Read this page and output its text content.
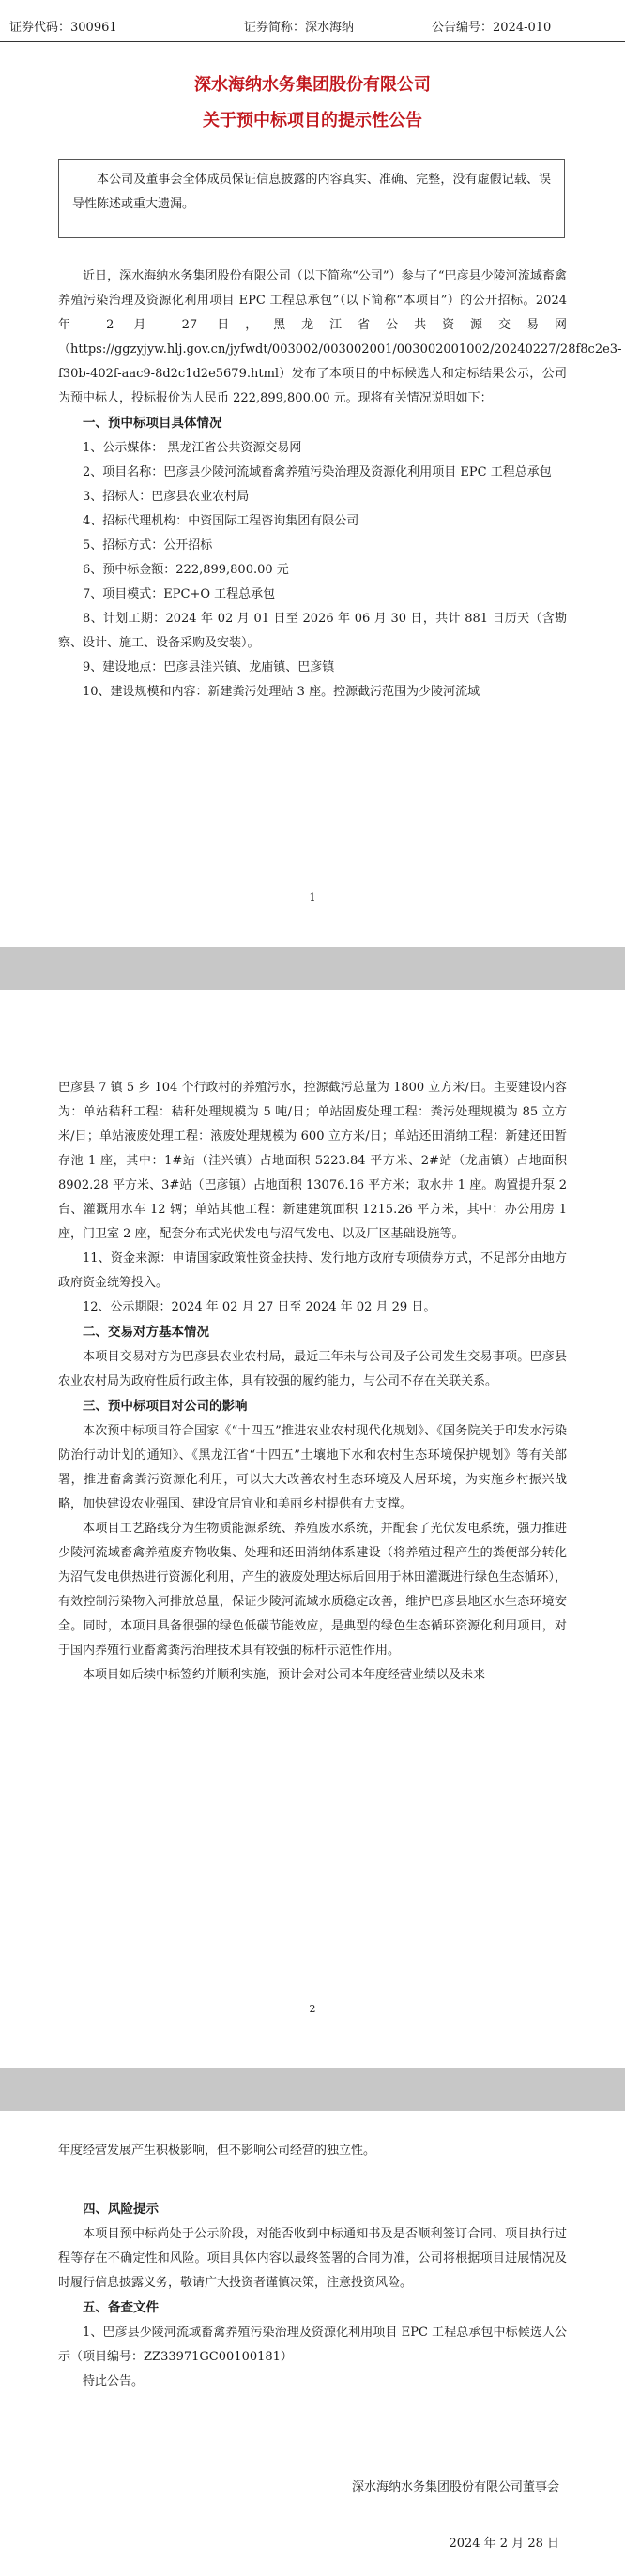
证券代码：300961	证券简称：深水海纳	公告编号：2024-010
深水海纳水务集团股份有限公司
关于预中标项目的提示性公告

本公司及董事会全体成员保证信息披露的内容真实、准确、完整，没有虚假记载、误导性陈述或重大遗漏。

近日，深水海纳水务集团股份有限公司（以下简称“公司”）参与了“巴彦县少陵河流域畜禽养殖污染治理及资源化利用项目 EPC 工程总承包”（以下简称“本项目”）的公开招标。2024 年 2 月 27 日，黑龙江省公共资源交易网（https://ggzyjyw.hlj.gov.cn/jyfwdt/003002/003002001/003002001002/20240227/28f8c2e3-f30b-402f-aac9-8d2c1d2e5679.html）发布了本项目的中标候选人和定标结果公示，公司为预中标人，投标报价为人民币 222,899,800.00 元。现将有关情况说明如下：

一、预中标项目具体情况

1、公示媒体： 黑龙江省公共资源交易网

2、项目名称：巴彦县少陵河流域畜禽养殖污染治理及资源化利用项目 EPC 工程总承包

3、招标人：巴彦县农业农村局

4、招标代理机构：中资国际工程咨询集团有限公司

5、招标方式：公开招标

6、预中标金额：222,899,800.00 元

7、项目模式：EPC+O 工程总承包

8、计划工期：2024 年 02 月 01 日至 2026 年 06 月 30 日，共计 881 日历天（含勘察、设计、施工、设备采购及安装）。

9、建设地点：巴彦县洼兴镇、龙庙镇、巴彦镇

10、建设规模和内容：新建粪污处理站 3 座。控源截污范围为少陵河流域

1

巴彦县 7 镇 5 乡 104 个行政村的养殖污水，控源截污总量为 1800 立方米/日。主要建设内容为：单站秸秆工程：秸秆处理规模为 5 吨/日；单站固废处理工程：粪污处理规模为 85 立方米/日；单站液废处理工程：液废处理规模为 600 立方米/日；单站还田消纳工程：新建还田暂存池 1 座，其中：1#站（洼兴镇）占地面积 5223.84 平方米、2#站（龙庙镇）占地面积 8902.28 平方米、3#站（巴彦镇）占地面积 13076.16 平方米；取水井 1 座。购置提升泵 2 台、灌溉用水车 12 辆；单站其他工程：新建建筑面积 1215.26 平方米，其中：办公用房 1 座，门卫室 2 座，配套分布式光伏发电与沼气发电、以及厂区基础设施等。

11、资金来源：申请国家政策性资金扶持、发行地方政府专项债券方式，不足部分由地方政府资金统筹投入。

12、公示期限：2024 年 02 月 27 日至 2024 年 02 月 29 日。

二、交易对方基本情况

本项目交易对方为巴彦县农业农村局，最近三年未与公司及子公司发生交易事项。巴彦县农业农村局为政府性质行政主体，具有较强的履约能力，与公司不存在关联关系。

三、预中标项目对公司的影响

本次预中标项目符合国家《“十四五”推进农业农村现代化规划》、《国务院关于印发水污染防治行动计划的通知》、《黑龙江省“十四五”土壤地下水和农村生态环境保护规划》等有关部署，推进畜禽粪污资源化利用，可以大大改善农村生态环境及人居环境，为实施乡村振兴战略，加快建设农业强国、建设宜居宜业和美丽乡村提供有力支撑。

本项目工艺路线分为生物质能源系统、养殖废水系统，并配套了光伏发电系统，强力推进少陵河流域畜禽养殖废弃物收集、处理和还田消纳体系建设（将养殖过程产生的粪便部分转化为沼气发电供热进行资源化利用，产生的液废处理达标后回用于林田灌溉进行绿色生态循环），有效控制污染物入河排放总量，保证少陵河流域水质稳定改善，维护巴彦县地区水生态环境安全。同时，本项目具备很强的绿色低碳节能效应，是典型的绿色生态循环资源化利用项目，对于国内养殖行业畜禽粪污治理技术具有较强的标杆示范性作用。

本项目如后续中标签约并顺利实施，预计会对公司本年度经营业绩以及未来

2

年度经营发展产生积极影响，但不影响公司经营的独立性。

四、风险提示

本项目预中标尚处于公示阶段，对能否收到中标通知书及是否顺利签订合同、项目执行过程等存在不确定性和风险。项目具体内容以最终签署的合同为准，公司将根据项目进展情况及时履行信息披露义务，敬请广大投资者谨慎决策，注意投资风险。

五、备查文件

1、巴彦县少陵河流域畜禽养殖污染治理及资源化利用项目 EPC 工程总承包中标候选人公示（项目编号：ZZ33971GC00100181）

特此公告。

深水海纳水务集团股份有限公司董事会
2024 年 2 月 28 日
